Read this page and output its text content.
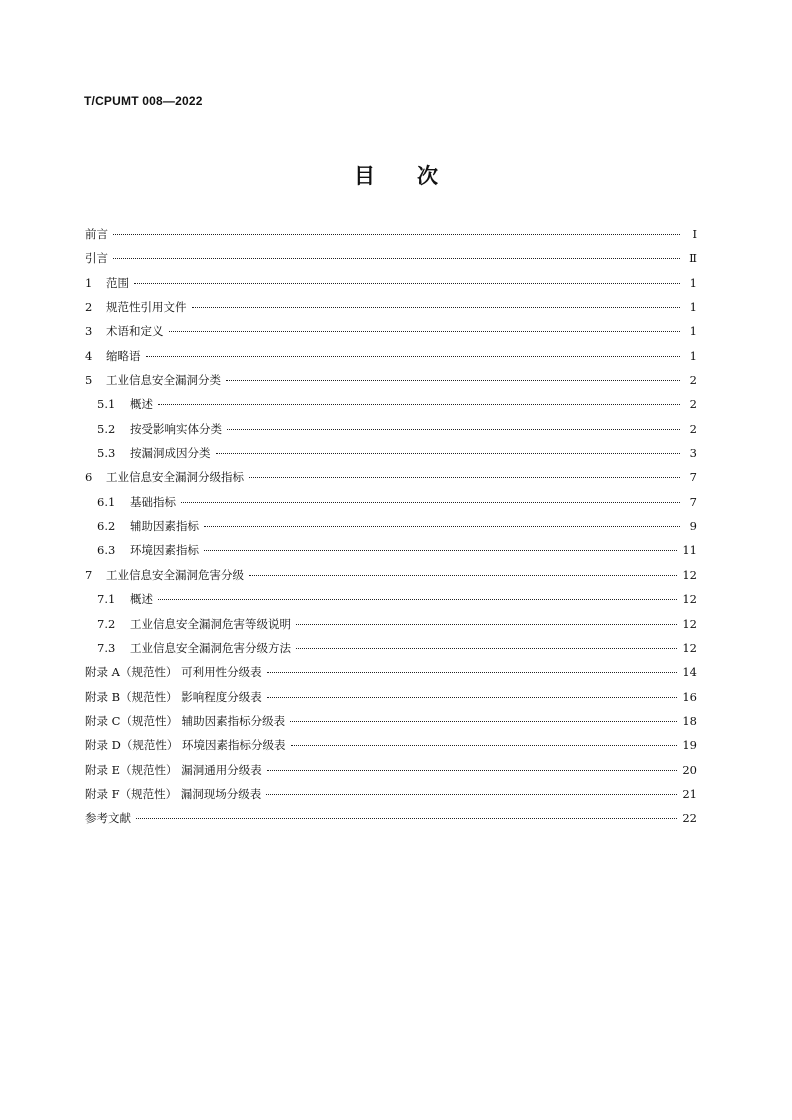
T/CPUMT 008—2022
目 次
前言	Ⅰ
引言	Ⅱ
1	范围	1
2	规范性引用文件	1
3	术语和定义	1
4	缩略语	1
5	工业信息安全漏洞分类	2
5.1	概述	2
5.2	按受影响实体分类	2
5.3	按漏洞成因分类	3
6	工业信息安全漏洞分级指标	7
6.1	基础指标	7
6.2	辅助因素指标	9
6.3	环境因素指标	11
7	工业信息安全漏洞危害分级	12
7.1	概述	12
7.2	工业信息安全漏洞危害等级说明	12
7.3	工业信息安全漏洞危害分级方法	12
附录 A（规范性） 可利用性分级表	14
附录 B（规范性） 影响程度分级表	16
附录 C（规范性） 辅助因素指标分级表	18
附录 D（规范性） 环境因素指标分级表	19
附录 E（规范性） 漏洞通用分级表	20
附录 F（规范性） 漏洞现场分级表	21
参考文献	22
